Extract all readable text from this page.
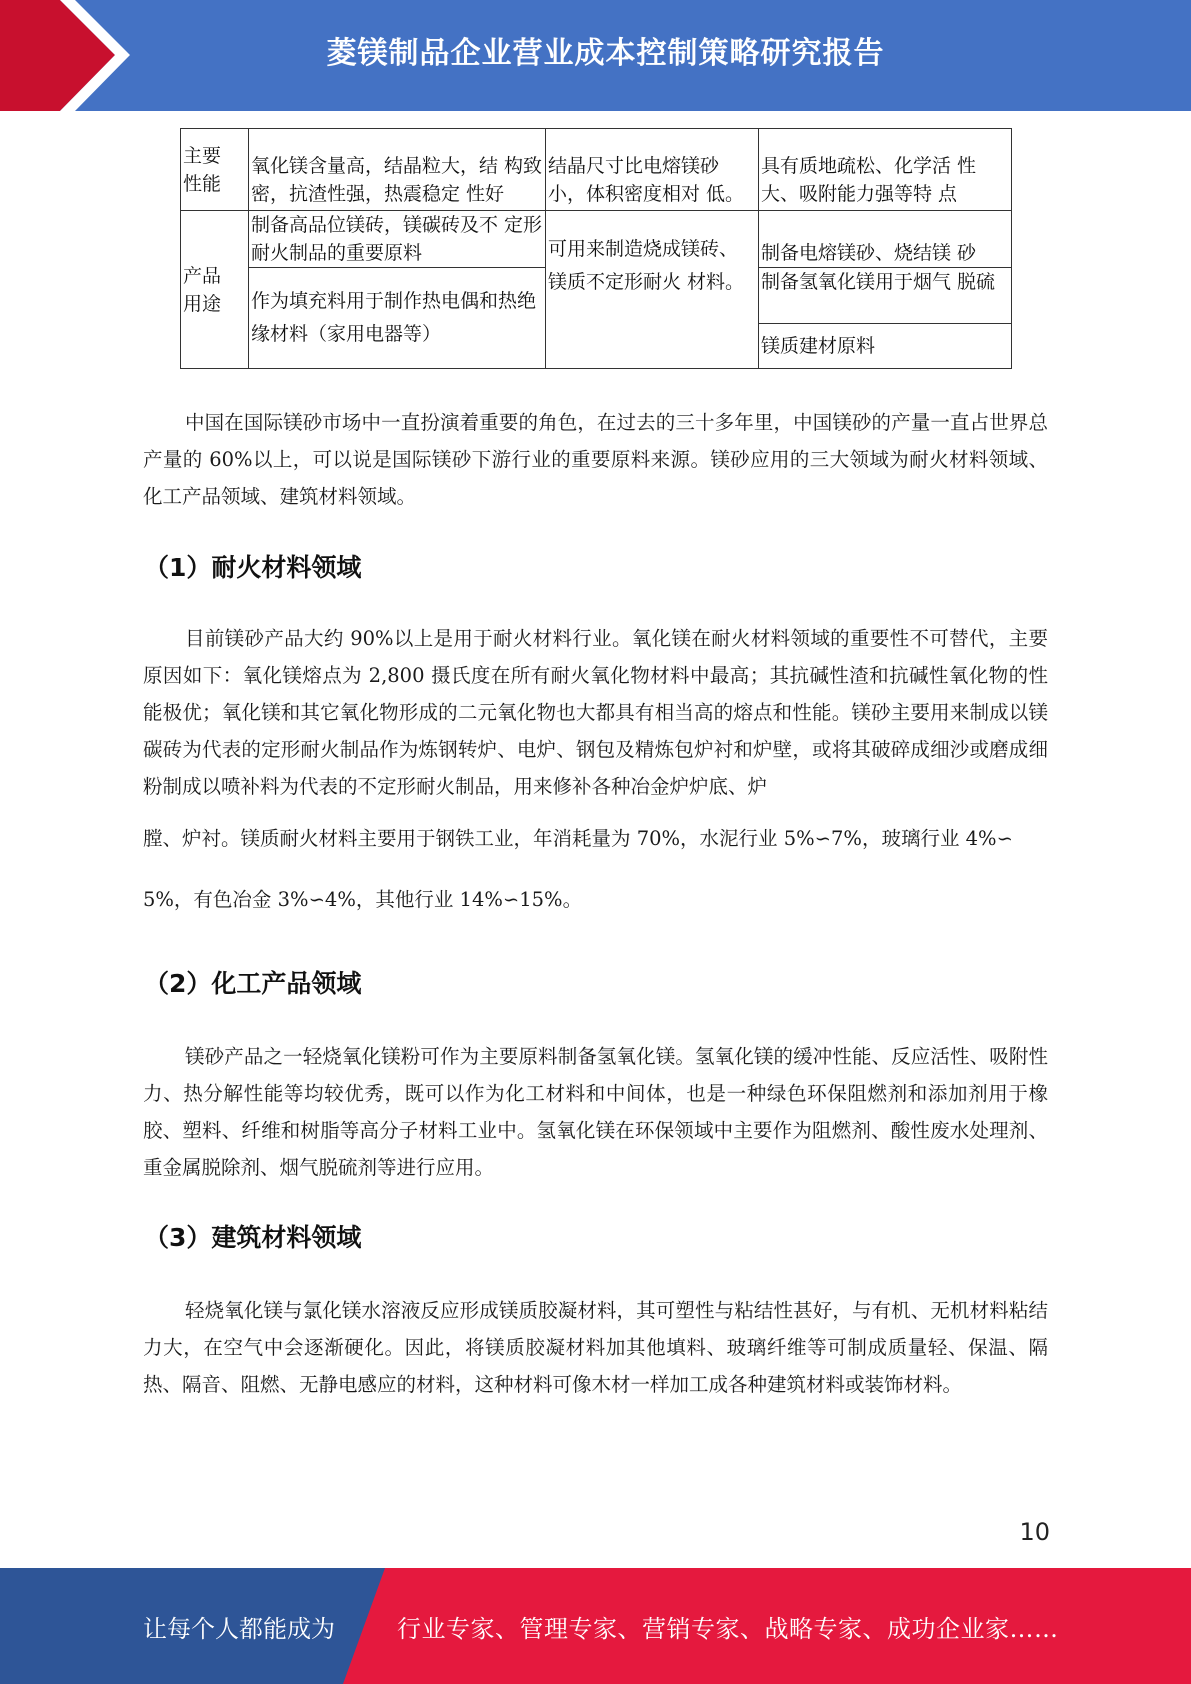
菱镁制品企业营业成本控制策略研究报告
主要
性能	氧化镁含量高，结晶粒大，结 构致密，抗渣性强，热震稳定 性好	结晶尺寸比电熔镁砂小，体积密度相对 低。	具有质地疏松、化学活 性大、吸附能力强等特 点
产品
用途	制备高品位镁砖，镁碳砖及不 定形耐火制品的重要原料	可用来制造烧成镁砖、镁质不定形耐火 材料。	制备电熔镁砂、烧结镁 砂
	作为填充料用于制作热电偶和热绝缘材料（家用电器等）		制备氢氧化镁用于烟气 脱硫
			镁质建材原料

中国在国际镁砂市场中一直扮演着重要的角色，在过去的三十多年里，中国镁砂的产量一直占世界总产量的 60%以上，可以说是国际镁砂下游行业的重要原料来源。镁砂应用的三大领域为耐火材料领域、化工产品领域、建筑材料领域。

（1）耐火材料领域

目前镁砂产品大约 90%以上是用于耐火材料行业。氧化镁在耐火材料领域的重要性不可替代，主要原因如下：氧化镁熔点为 2,800 摄氏度在所有耐火氧化物材料中最高；其抗碱性渣和抗碱性氧化物的性能极优；氧化镁和其它氧化物形成的二元氧化物也大都具有相当高的熔点和性能。镁砂主要用来制成以镁碳砖为代表的定形耐火制品作为炼钢转炉、电炉、钢包及精炼包炉衬和炉壁，或将其破碎成细沙或磨成细粉制成以喷补料为代表的不定形耐火制品，用来修补各种冶金炉炉底、炉

膛、炉衬。镁质耐火材料主要用于钢铁工业，年消耗量为 70%，水泥行业 5%∽7%，玻璃行业 4%∽

5%，有色冶金 3%∽4%，其他行业 14%∽15%。

（2）化工产品领域

镁砂产品之一轻烧氧化镁粉可作为主要原料制备氢氧化镁。氢氧化镁的缓冲性能、反应活性、吸附性力、热分解性能等均较优秀，既可以作为化工材料和中间体，也是一种绿色环保阻燃剂和添加剂用于橡胶、塑料、纤维和树脂等高分子材料工业中。氢氧化镁在环保领域中主要作为阻燃剂、酸性废水处理剂、重金属脱除剂、烟气脱硫剂等进行应用。

（3）建筑材料领域

轻烧氧化镁与氯化镁水溶液反应形成镁质胶凝材料，其可塑性与粘结性甚好，与有机、无机材料粘结力大，在空气中会逐渐硬化。因此，将镁质胶凝材料加其他填料、玻璃纤维等可制成质量轻、保温、隔热、隔音、阻燃、无静电感应的材料，这种材料可像木材一样加工成各种建筑材料或装饰材料。

10
让每个人都能成为	行业专家、管理专家、营销专家、战略专家、成功企业家……
